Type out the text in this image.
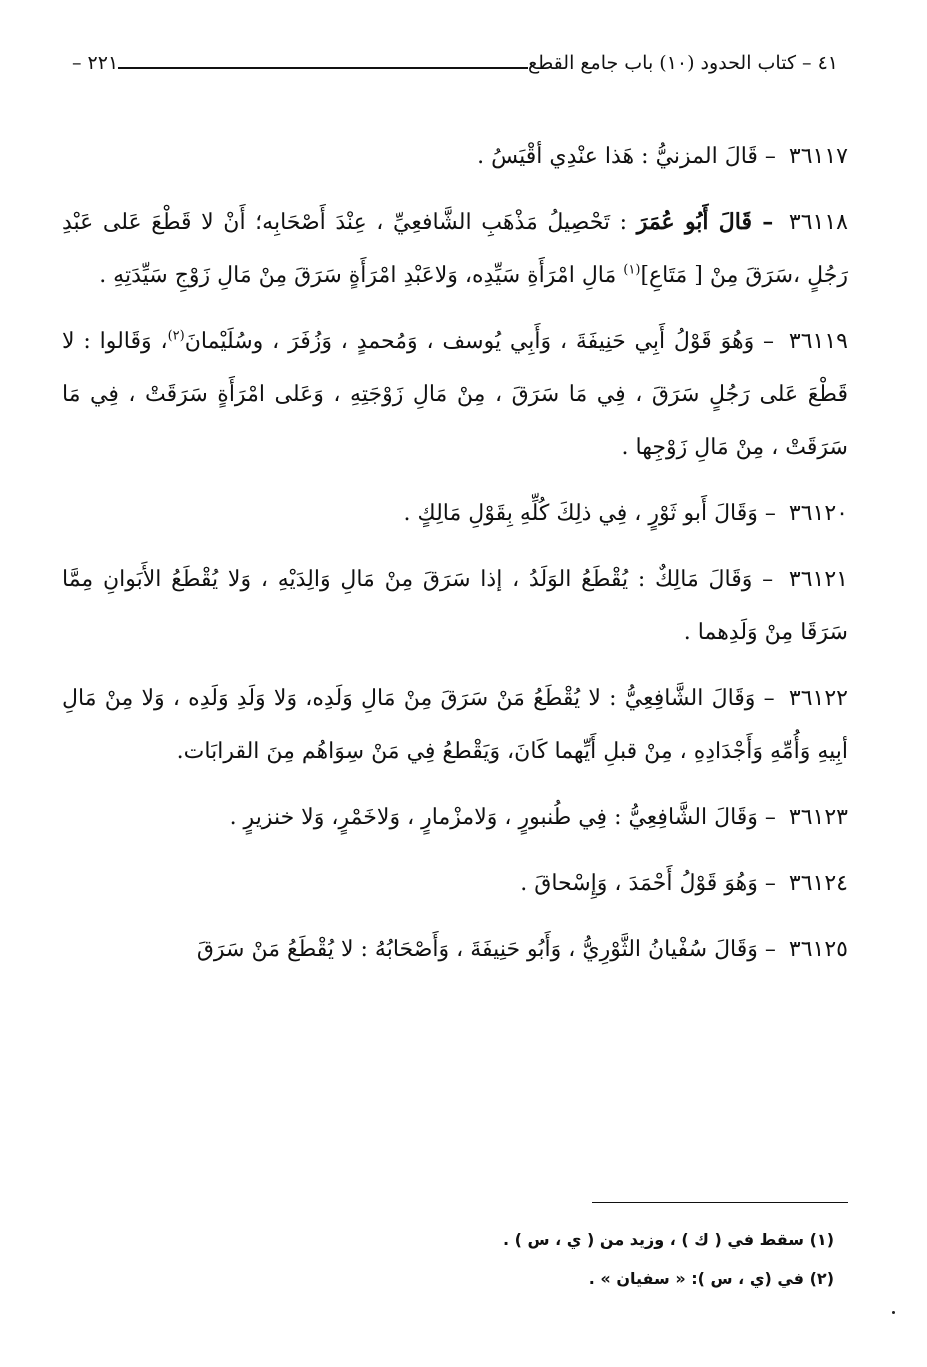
٢٢١ –	٤١ – كتاب الحدود (١٠) باب جامع القطع

٣٦١١٧ – قَالَ المزنيُّ : هَذا عنْدِي أقْيَسُ .

٣٦١١٨ – قَالَ أَبُو عُمَرَ : تَحْصِيلُ مَذْهَبِ الشَّافعِيِّ ، عِنْدَ أَصْحَابِه؛ أَنْ لا قَطْعَ عَلى عَبْدِ رَجُلٍ ،سَرَقَ مِنْ [ مَتَاعِ]$^{(١)}$ مَالِ امْرَأَةِ سَيِّدِه، وَلاعَبْدِ امْرَأَةٍ سَرَقَ مِنْ مَالِ زَوْجِ سَيِّدَتِهِ .

٣٦١١٩ – وَهُوَ قَوْلُ أَبِي حَنِيفَةَ ، وَأَبِي يُوسف ، وَمُحمدٍ ، وَزُفَرَ ، وسُلَيْمانَ$^{(٢)}$، وَقَالوا : لا قَطْعَ عَلى رَجُلٍ سَرَقَ ، فِي مَا سَرَقَ ، مِنْ مَالِ زَوْجَتِهِ ، وَعَلى امْرَأَةٍ سَرَقَتْ ، فِي مَا سَرَقَتْ ، مِنْ مَالِ زَوْجِها .

٣٦١٢٠ – وَقَالَ أَبو ثَوْرٍ ، فِي ذلِكَ كُلِّهِ بِقَوْلِ مَالِكٍ .

٣٦١٢١ – وَقَالَ مَالِكٌ : يُقْطَعُ الوَلَدُ ، إذا سَرَقَ مِنْ مَالِ وَالِدَيْهِ ، وَلا يُقْطَعُ الأَبَوانِ مِمَّا سَرَقَا مِنْ وَلَدِهما .

٣٦١٢٢ – وَقَالَ الشَّافِعِيُّ : لا يُقْطَعُ مَنْ سَرَقَ مِنْ مَالِ وَلَدِه، وَلا وَلَدِ وَلَدِه ، وَلا مِنْ مَالِ أبِيهِ وَأُمِّهِ وَأَجْدَادِهِ ، مِنْ قبلِ أَيِّهما كَانَ، وَيَقْطعُ فِي مَنْ سِوَاهُم مِنَ القرابَات.

٣٦١٢٣ – وَقَالَ الشَّافِعِيُّ : فِي طُنبورٍ ، وَلامزْمارٍ ، وَلاخَمْرٍ، وَلا خنزيرٍ .

٣٦١٢٤ – وَهُوَ قَوْلُ أَحْمَدَ ، وَإِسْحاقَ .

٣٦١٢٥ – وَقَالَ سُفْيانُ الثَّوْرِيُّ ، وَأَبُو حَنِيفَةَ ، وَأَصْحَابُهُ : لا يُقْطَعُ مَنْ سَرَقَ

(١) سقط في ( ك ) ، وزيد من ( ي ، س ) .
(٢) في (ي ، س ): « سفيان » .
